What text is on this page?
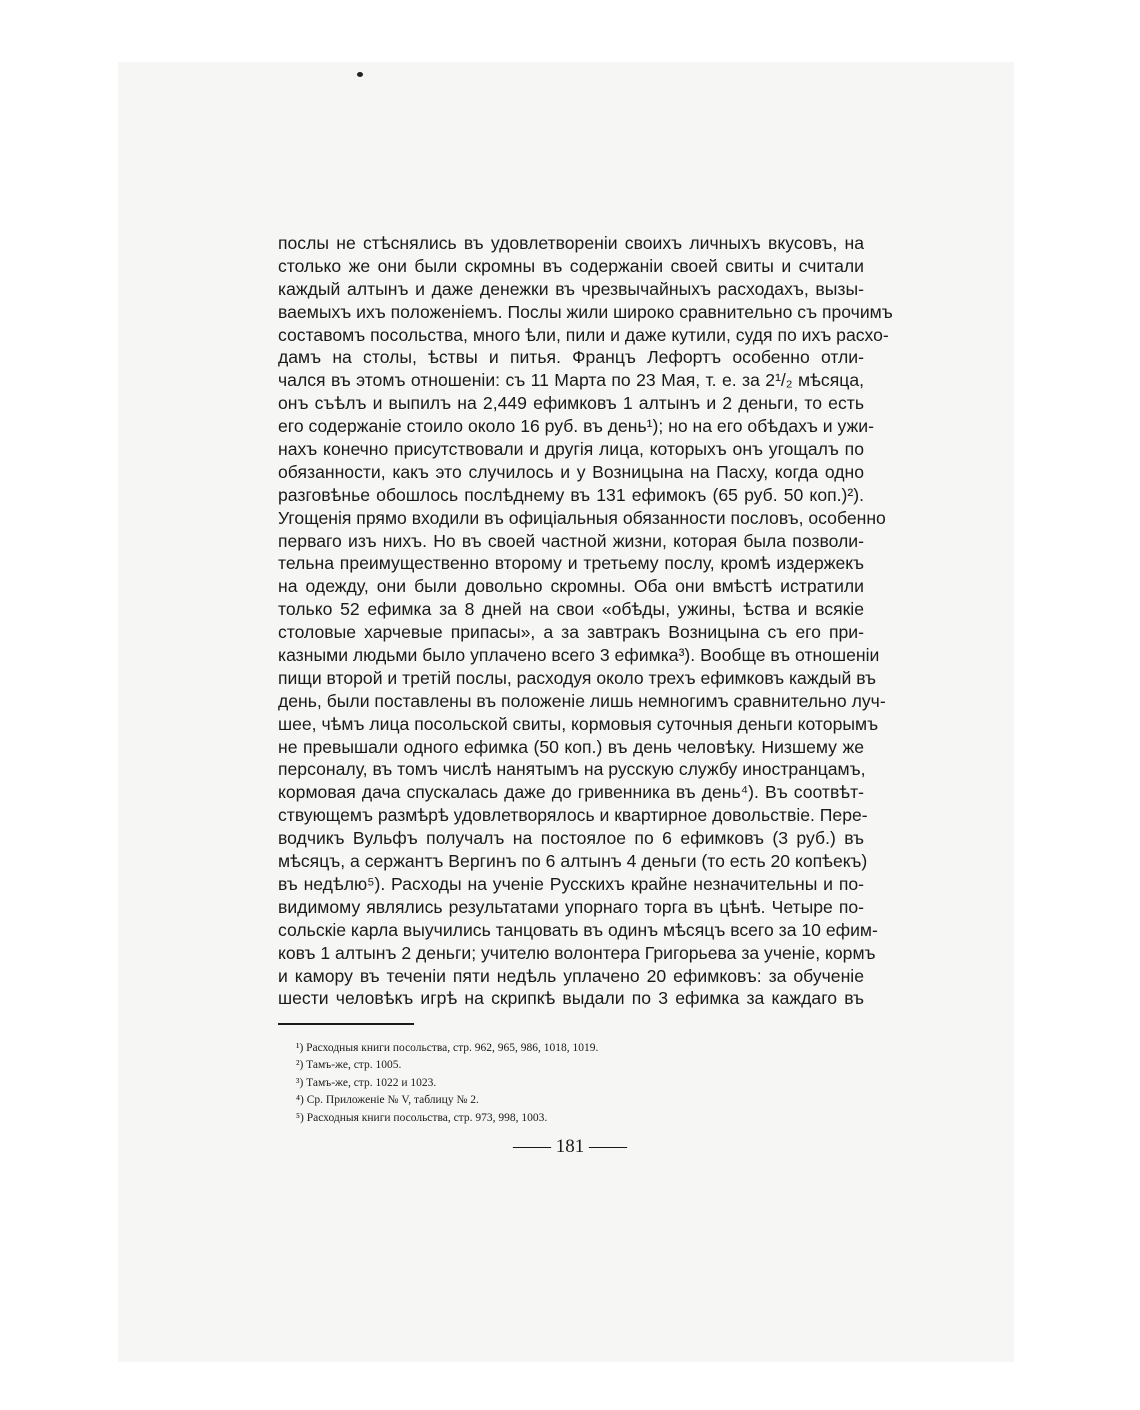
послы не стѣснялись въ удовлетвореніи своихъ личныхъ вкусовъ, на
столько же они были скромны въ содержаніи своей свиты и считали
каждый алтынъ и даже денежки въ чрезвычайныхъ расходахъ, вызы-
ваемыхъ ихъ положеніемъ. Послы жили широко сравнительно съ прочимъ
составомъ посольства, много ѣли, пили и даже кутили, судя по ихъ расхо-
дамъ на столы, ѣствы и питья. Францъ Лефортъ особенно отли-
чался въ этомъ отношеніи: съ 11 Марта по 23 Мая, т. е. за 2¹/₂ мѣсяца,
онъ съѣлъ и выпилъ на 2,449 ефимковъ 1 алтынъ и 2 деньги, то есть
его содержаніе стоило около 16 руб. въ день¹); но на его обѣдахъ и ужи-
нахъ конечно присутствовали и другія лица, которыхъ онъ угощалъ по
обязанности, какъ это случилось и у Возницына на Пасху, когда одно
разговѣнье обошлось послѣднему въ 131 ефимокъ (65 руб. 50 коп.)²).
Угощенія прямо входили въ офиціальныя обязанности пословъ, особенно
перваго изъ нихъ. Но въ своей частной жизни, которая была позволи-
тельна преимущественно второму и третьему послу, кромѣ издержекъ
на одежду, они были довольно скромны. Оба они вмѣстѣ истратили
только 52 ефимка за 8 дней на свои «обѣды, ужины, ѣства и всякіе
столовые харчевые припасы», а за завтракъ Возницына съ его при-
казными людьми было уплачено всего 3 ефимка³). Вообще въ отношеніи
пищи второй и третій послы, расходуя около трехъ ефимковъ каждый въ
день, были поставлены въ положеніе лишь немногимъ сравнительно луч-
шее, чѣмъ лица посольской свиты, кормовыя суточныя деньги которымъ
не превышали одного ефимка (50 коп.) въ день человѣку. Низшему же
персоналу, въ томъ числѣ нанятымъ на русскую службу иностранцамъ,
кормовая дача спускалась даже до гривенника въ день⁴). Въ соотвѣт-
ствующемъ размѣрѣ удовлетворялось и квартирное довольствіе. Пере-
водчикъ Вульфъ получалъ на постоялое по 6 ефимковъ (3 руб.) въ
мѣсяцъ, а сержантъ Вергинъ по 6 алтынъ 4 деньги (то есть 20 копѣекъ)
въ недѣлю⁵). Расходы на ученіе Русскихъ крайне незначительны и по-
видимому являлись результатами упорнаго торга въ цѣнѣ. Четыре по-
сольскіе карла выучились танцовать въ одинъ мѣсяцъ всего за 10 ефим-
ковъ 1 алтынъ 2 деньги; учителю волонтера Григорьева за ученіе, кормъ
и камору въ теченіи пяти недѣль уплачено 20 ефимковъ: за обученіе
шести человѣкъ игрѣ на скрипкѣ выдали по 3 ефимка за каждаго въ
¹) Расходныя книги посольства, стр. 962, 965, 986, 1018, 1019.
²) Тамъ-же, стр. 1005.
³) Тамъ-же, стр. 1022 и 1023.
⁴) Ср. Приложеніе № V, таблицу № 2.
⁵) Расходныя книги посольства, стр. 973, 998, 1003.
—— 181 ——
